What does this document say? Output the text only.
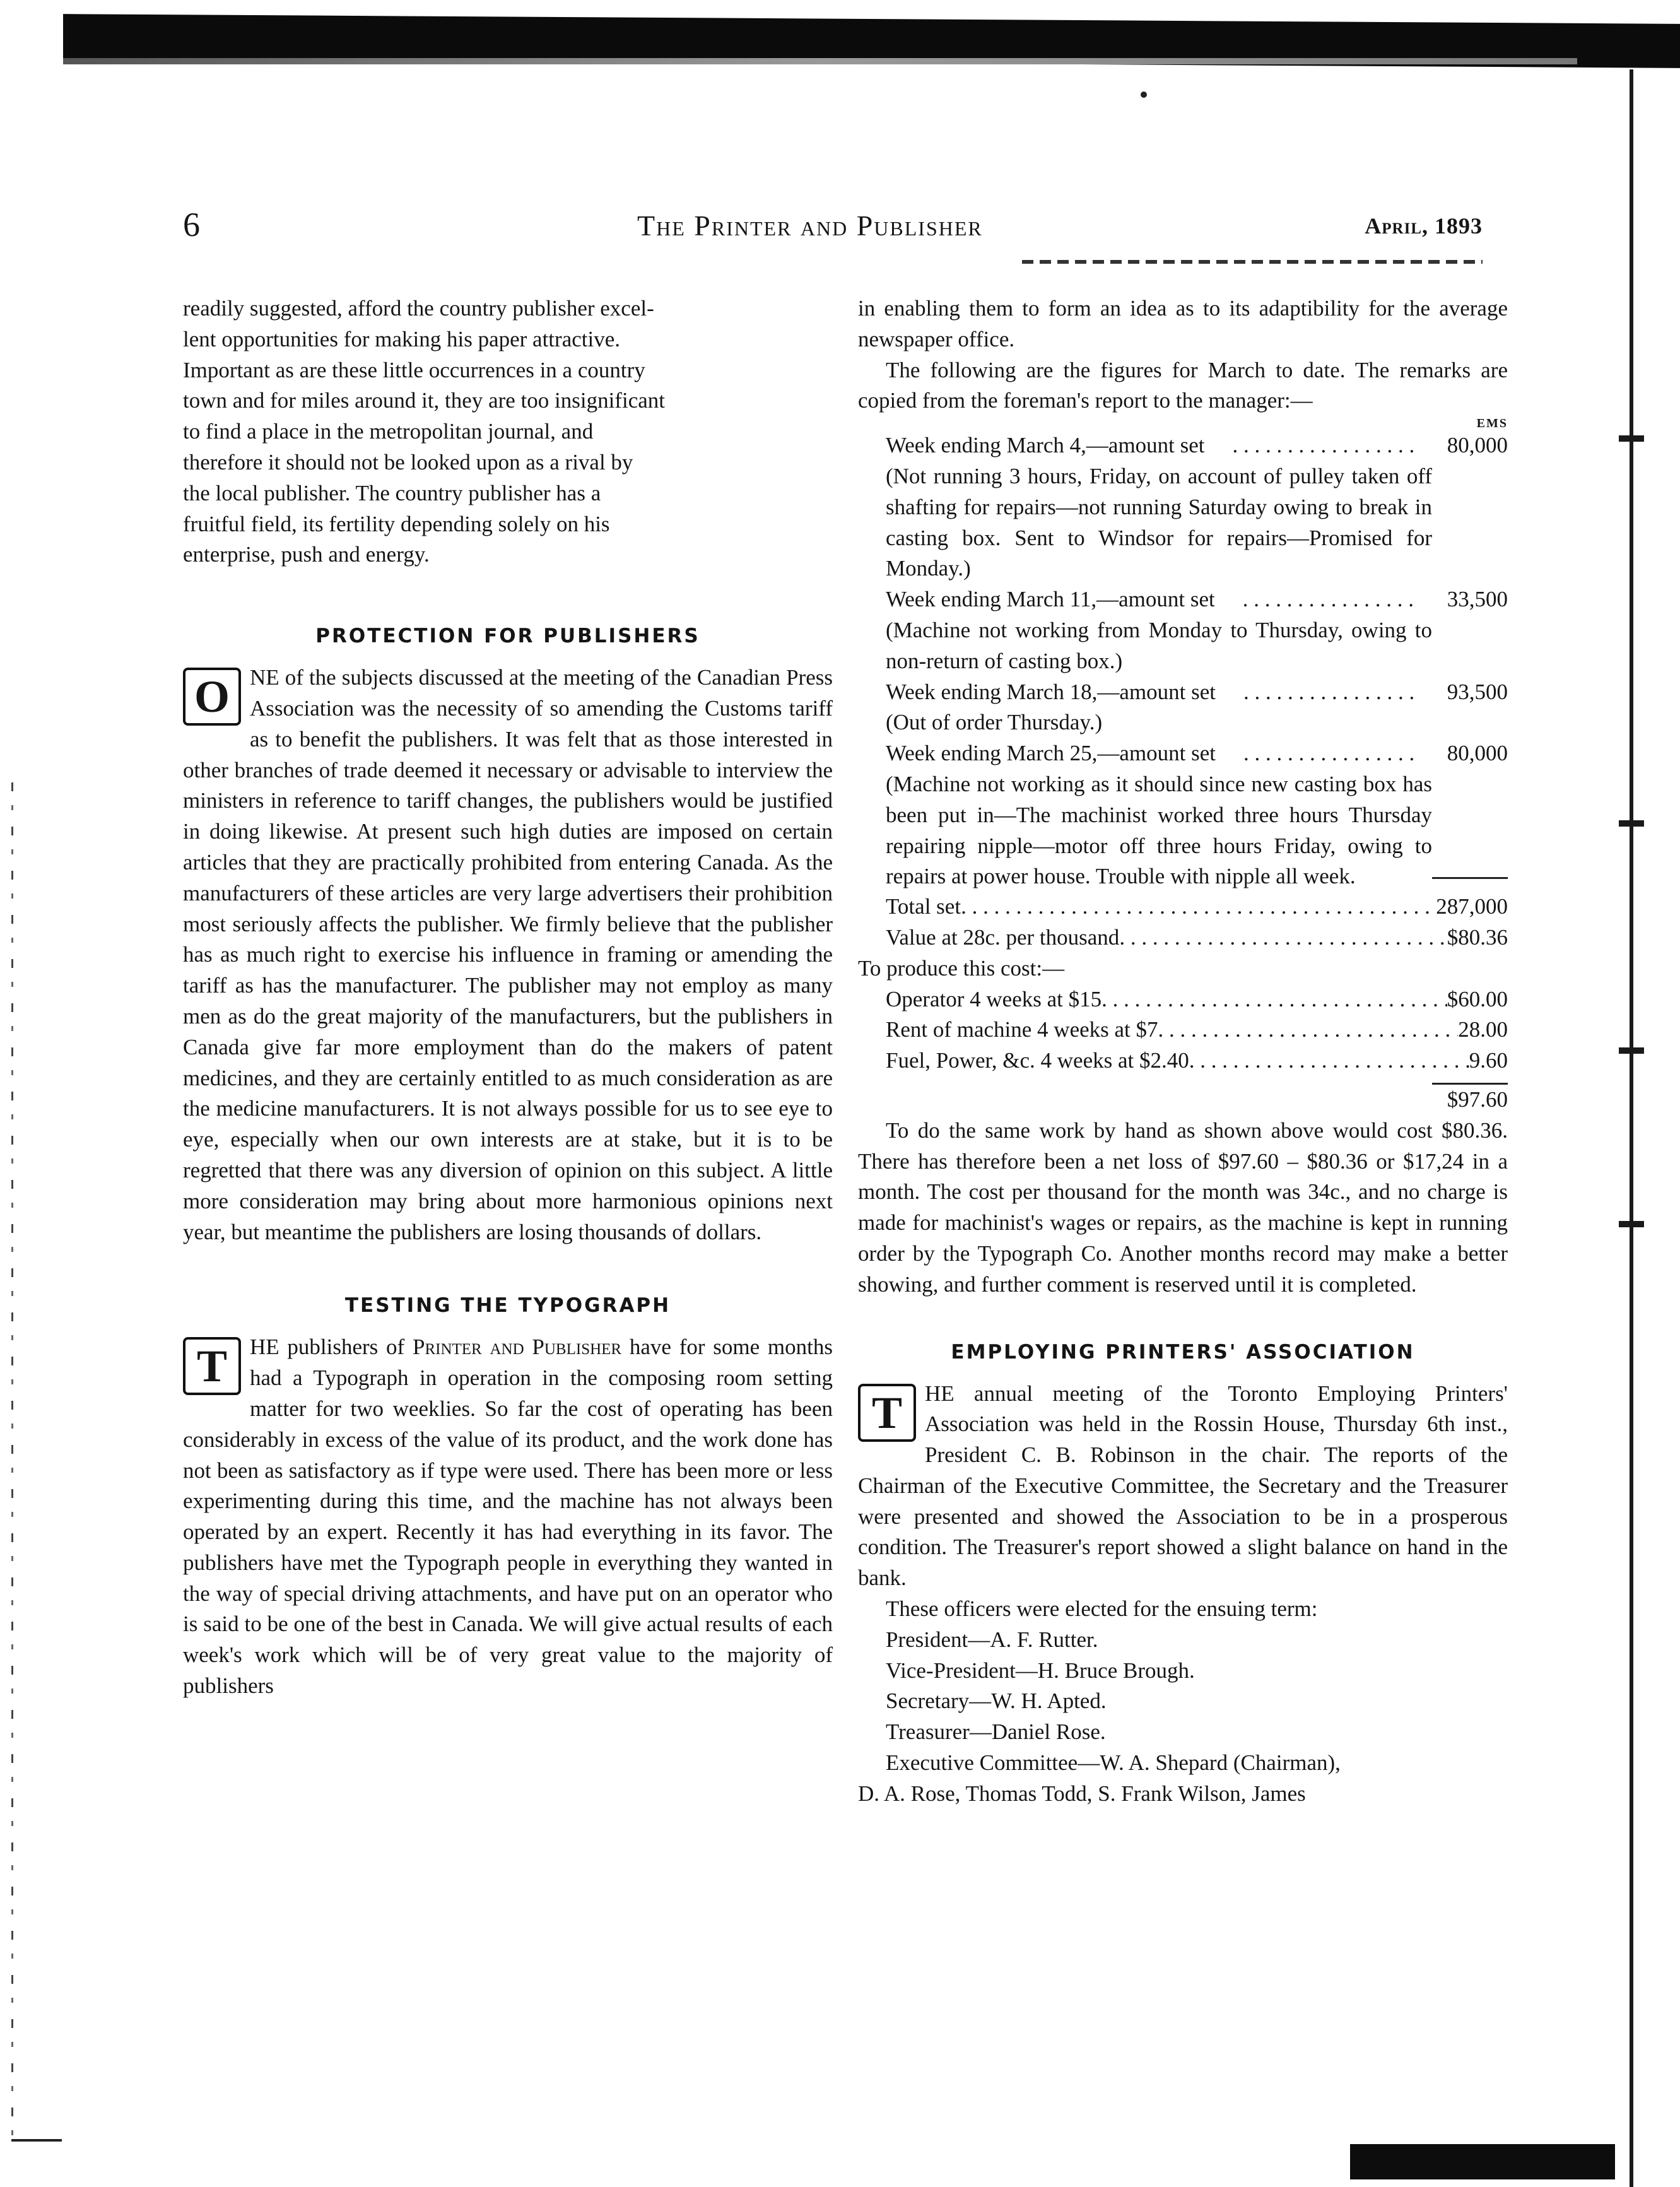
6	The Printer and Publisher	April, 1893
readily suggested, afford the country publisher excel-
lent opportunities for making his paper attractive.
Important as are these little occurrences in a country
town and for miles around it, they are too insignificant
to find a place in the metropolitan journal, and
therefore it should not be looked upon as a rival by
the local publisher. The country publisher has a
fruitful field, its fertility depending solely on his
enterprise, push and energy.
PROTECTION FOR PUBLISHERS

O NE of the subjects discussed at the meeting of the Canadian Press Association was the necessity of so amending the Customs tariff as to benefit the publishers. It was felt that as those interested in other branches of trade deemed it necessary or advisable to interview the ministers in reference to tariff changes, the publishers would be justified in doing likewise. At present such high duties are imposed on certain articles that they are practically prohibited from entering Canada. As the manufacturers of these articles are very large advertisers their prohibition most seriously affects the publisher. We firmly believe that the publisher has as much right to exercise his influence in framing or amending the tariff as has the manufacturer. The publisher may not employ as many men as do the great majority of the manufacturers, but the publishers in Canada give far more employment than do the makers of patent medicines, and they are certainly entitled to as much consideration as are the medicine manufacturers. It is not always possible for us to see eye to eye, especially when our own interests are at stake, but it is to be regretted that there was any diversion of opinion on this subject. A little more consideration may bring about more harmonious opinions next year, but meantime the publishers are losing thousands of dollars.

TESTING THE TYPOGRAPH

T	HE publishers of Printer and Publisher have for some months had a Typograph in operation in the composing room setting matter for two weeklies. So far the cost of operating has been considerably in excess of the value of its product, and the work done has not been as satisfactory as if type were used. There has been more or less experimenting during this time, and the machine has not always been operated by an expert. Recently it has had everything in its favor. The publishers have met the Typograph people in everything they wanted in the way of special driving attachments, and have put on an operator who is said to be one of the best in Canada. We will give actual results of each week's work which will be of very great value to the majority of publishers

in enabling them to form an idea as to its adaptibility for the average newspaper office.

The following are the figures for March to date. The remarks are copied from the foreman's report to the manager:—

EMS
Week ending March 4,—amount set . . .	80,000

(Not running 3 hours, Friday, on account of pulley taken off shafting for repairs—not running Saturday owing to break in casting box. Sent to Windsor for repairs—Promised for Monday.)

Week ending March 11,—amount set . . .	33,500

(Machine not working from Monday to Thursday, owing to non-return of casting box.)

Week ending March 18,—amount set . . .	93,500

(Out of order Thursday.)

Week ending March 25,—amount set . . .	80,000

(Machine not working as it should since new casting box has been put in—The machinist worked three hours Thursday repairing nipple—motor off three hours Friday, owing to repairs at power house. Trouble with nipple all week.

Total set . . .	287,000
Value at 28c. per thousand . . .	$80.36
To produce this cost:—
Operator 4 weeks at $15 . . .	$60.00
Rent of machine 4 weeks at $7 . . .	28.00
Fuel, Power, &c. 4 weeks at $2.40 . . .	9.60
$97.60

To do the same work by hand as shown above would cost $80.36. There has therefore been a net loss of $97.60 – $80.36 or $17,24 in a month. The cost per thousand for the month was 34c., and no charge is made for machinist's wages or repairs, as the machine is kept in running order by the Typograph Co. Another months record may make a better showing, and further comment is reserved until it is completed.

EMPLOYING PRINTERS' ASSOCIATION

T	HE annual meeting of the Toronto Employing Printers' Association was held in the Rossin House, Thursday 6th inst., President C. B. Robinson in the chair. The reports of the Chairman of the Executive Committee, the Secretary and the Treasurer were presented and showed the Association to be in a prosperous condition. The Treasurer's report showed a slight balance on hand in the bank.

These officers were elected for the ensuing term:

President—A. F. Rutter.
Vice-President—H. Bruce Brough.
Secretary—W. H. Apted.
Treasurer—Daniel Rose.
Executive Committee—W. A. Shepard (Chairman),
D. A. Rose, Thomas Todd, S. Frank Wilson, James
